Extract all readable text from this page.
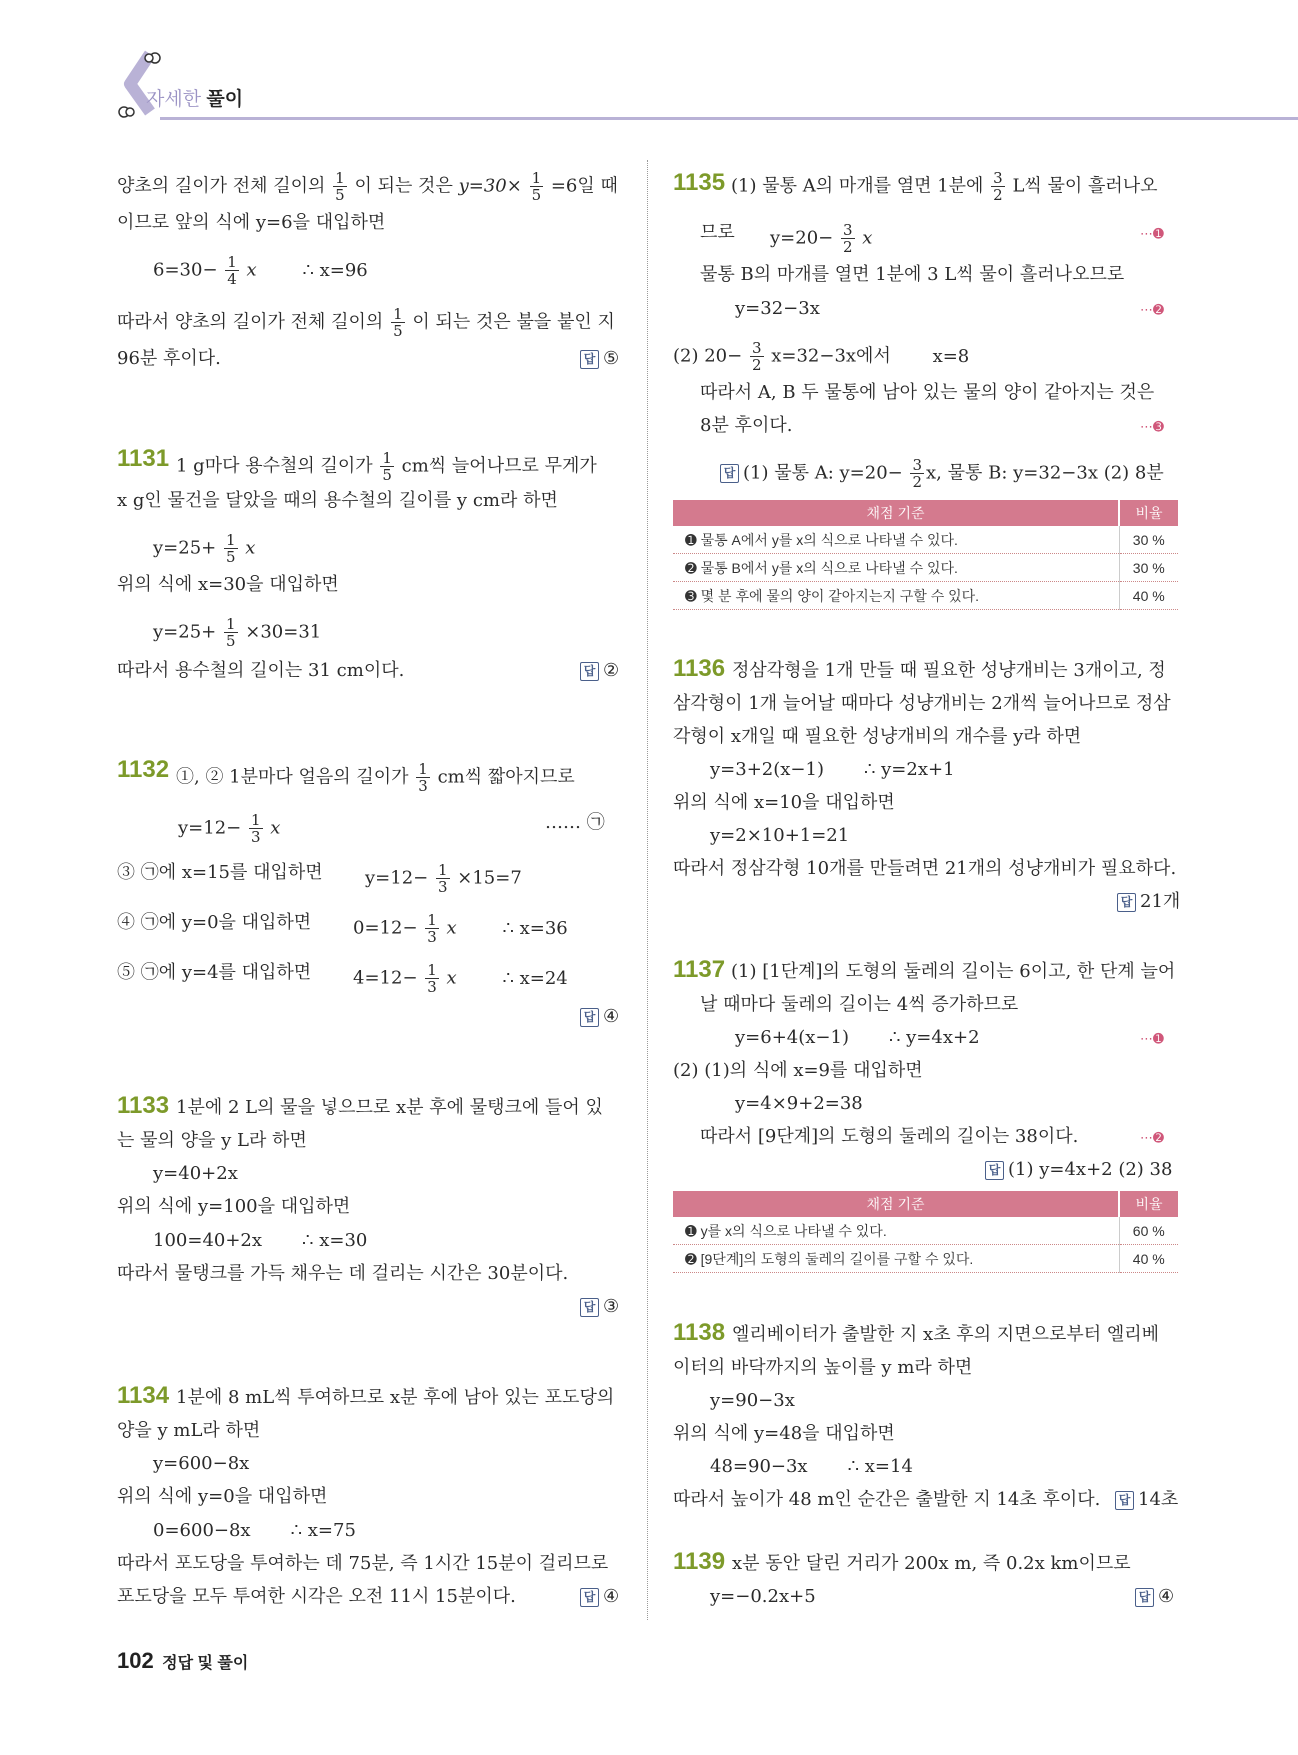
자세한 풀이
양초의 길이가 전체 길이의 $\frac{1}{5}$ 이 되는 것은 $y=30\times \frac{1}{5} =6$일 때
이므로 앞의 식에 y=6을 대입하면
$6=30- \frac{1}{4}$ x	∴ x=96
따라서 양초의 길이가 전체 길이의 $\frac{1}{5}$ 이 되는 것은 불을 붙인 지
96분 후이다.	답 ⑤
1131 1 g마다 용수철의 길이가 $\frac{1}{5}$ cm씩 늘어나므로 무게가
x g인 물건을 달았을 때의 용수철의 길이를 y cm라 하면
$y=25+ \frac{1}{5}$ x
위의 식에 x=30을 대입하면
$y=25+ \frac{1}{5} \times 30=31$
따라서 용수철의 길이는 31 cm이다.	답 ②
1132 ①, ② 1분마다 얼음의 길이가 $\frac{1}{3}$ cm씩 짧아지므로
$y=12- \frac{1}{3}$ x	…… ㉠
③ ㉠에 x=15를 대입하면 $y=12- \frac{1}{3} \times 15=7$
④ ㉠에 y=0을 대입하면 $0=12- \frac{1}{3}$ x	∴ x=36
⑤ ㉠에 y=4를 대입하면 $4=12- \frac{1}{3}$ x	∴ x=24
답 ④
1133 1분에 2 L의 물을 넣으므로 x분 후에 물탱크에 들어 있
는 물의 양을 y L라 하면
y=40+2x
위의 식에 y=100을 대입하면
100=40+2x ∴ x=30
따라서 물탱크를 가득 채우는 데 걸리는 시간은 30분이다.
답 ③
1134 1분에 8 mL씩 투여하므로 x분 후에 남아 있는 포도당의
양을 y mL라 하면
y=600−8x
위의 식에 y=0을 대입하면
0=600−8x ∴ x=75
따라서 포도당을 투여하는 데 75분, 즉 1시간 15분이 걸리므로
포도당을 모두 투여한 시각은 오전 11시 15분이다.	답 ④
1135 (1) 물통 A의 마개를 열면 1분에 $\frac{3}{2}$ L씩 물이 흘러나오
므로 $y=20- \frac{3}{2}$ x	⋯➊
물통 B의 마개를 열면 1분에 3 L씩 물이 흘러나오므로
y=32−3x	⋯➋
(2) $20- \frac{3}{2} x=32-3x$에서 x=8
따라서 A, B 두 물통에 남아 있는 물의 양이 같아지는 것은
8분 후이다.	⋯➌
답 (1) 물통 A: $y=20- \frac{3}{2} x$, 물통 B: y=32−3x (2) 8분
채점 기준	비율
➊ 물통 A에서 y를 x의 식으로 나타낼 수 있다.	30 %
➋ 물통 B에서 y를 x의 식으로 나타낼 수 있다.	30 %
➌ 몇 분 후에 물의 양이 같아지는지 구할 수 있다.	40 %
1136 정삼각형을 1개 만들 때 필요한 성냥개비는 3개이고, 정
삼각형이 1개 늘어날 때마다 성냥개비는 2개씩 늘어나므로 정삼
각형이 x개일 때 필요한 성냥개비의 개수를 y라 하면
y=3+2(x−1) ∴ y=2x+1
위의 식에 x=10을 대입하면
y=2×10+1=21
따라서 정삼각형 10개를 만들려면 21개의 성냥개비가 필요하다.
답 21개
1137 (1) [1단계]의 도형의 둘레의 길이는 6이고, 한 단계 늘어
날 때마다 둘레의 길이는 4씩 증가하므로
y=6+4(x−1) ∴ y=4x+2	⋯➊
(2) (1)의 식에 x=9를 대입하면
y=4×9+2=38
따라서 [9단계]의 도형의 둘레의 길이는 38이다.	⋯➋
답 (1) y=4x+2 (2) 38
채점 기준	비율
➊ y를 x의 식으로 나타낼 수 있다.	60 %
➋ [9단계]의 도형의 둘레의 길이를 구할 수 있다.	40 %
1138 엘리베이터가 출발한 지 x초 후의 지면으로부터 엘리베
이터의 바닥까지의 높이를 y m라 하면
y=90−3x
위의 식에 y=48을 대입하면
48=90−3x ∴ x=14
따라서 높이가 48 m인 순간은 출발한 지 14초 후이다.	답 14초
1139 x분 동안 달린 거리가 200x m, 즉 0.2x km이므로
y=−0.2x+5	답 ④
102 정답 및 풀이
